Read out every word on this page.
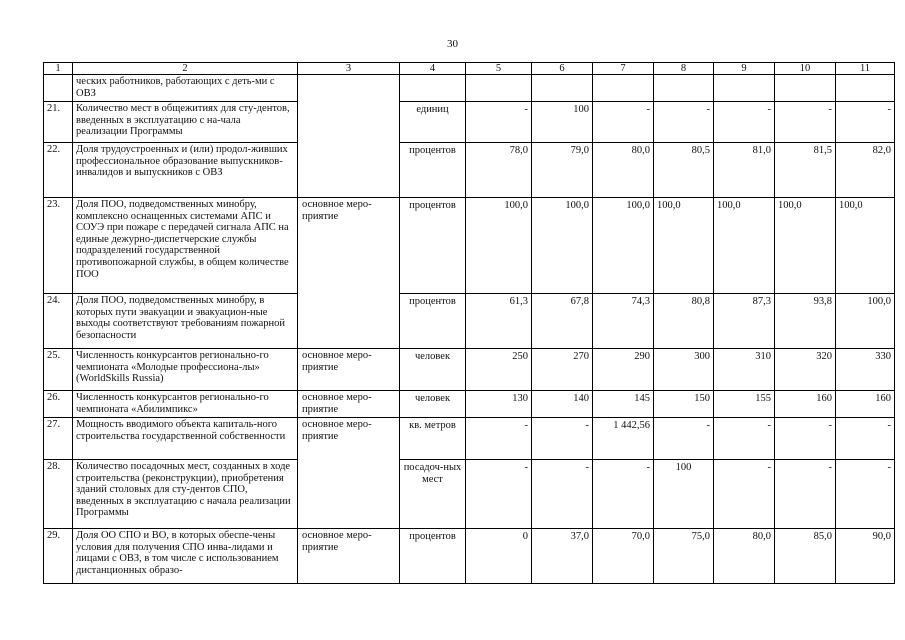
30
1	2	3	4	5	6	7	8	9	10	11
	ческих работников, работающих с деть-ми с ОВЗ									
21.	Количество мест в общежитиях для сту-дентов, введенных в эксплуатацию с на-чала реализации Программы		единиц	-	100	-	-	-	-	-
22.	Доля трудоустроенных и (или) продол-живших профессиональное образование выпускников-инвалидов и выпускников с ОВЗ		процентов	78,0	79,0	80,0	80,5	81,0	81,5	82,0
23.	Доля ПОО, подведомственных минобру, комплексно оснащенных системами АПС и СОУЭ при пожаре с передачей сигнала АПС на единые дежурно-диспетчерские службы подразделений государственной противопожарной службы, в общем количестве ПОО	основное меро-приятие	процентов	100,0	100,0	100,0	100,0	100,0	100,0	100,0
24.	Доля ПОО, подведомственных минобру, в которых пути эвакуации и эвакуацион-ные выходы соответствуют требованиям пожарной безопасности		процентов	61,3	67,8	74,3	80,8	87,3	93,8	100,0
25.	Численность конкурсантов регионально-го чемпионата «Молодые профессиона-лы» (WorldSkills Russia)	основное меро-приятие	человек	250	270	290	300	310	320	330
26.	Численность конкурсантов регионально-го чемпионата «Абилимпикс»	основное меро-приятие	человек	130	140	145	150	155	160	160
27.	Мощность вводимого объекта капиталь-ного строительства государственной собственности	основное меро-приятие	кв. метров	-	-	1 442,56	-	-	-	-
28.	Количество посадочных мест, созданных в ходе строительства (реконструкции), приобретения зданий столовых для сту-дентов СПО, введенных в эксплуатацию с начала реализации Программы		посадоч-ных мест	-	-	-	100	-	-	-
29.	Доля ОО СПО и ВО, в которых обеспе-чены условия для получения СПО инва-лидами и лицами с ОВЗ, в том числе с использованием дистанционных образо-	основное меро-приятие	процентов	0	37,0	70,0	75,0	80,0	85,0	90,0
